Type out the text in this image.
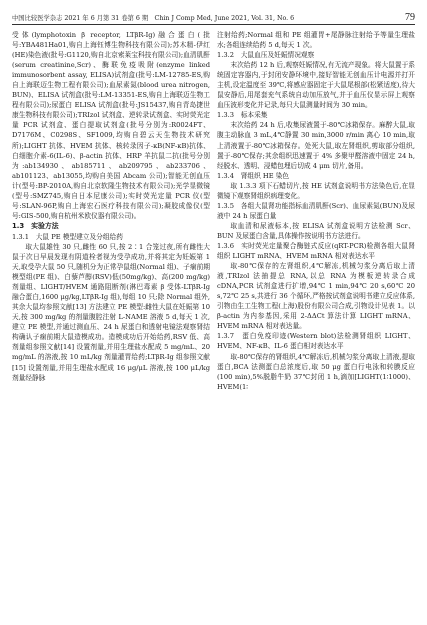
中国比较医学杂志 2021 年 6 月第 31 卷第 6 期　Chin J Comp Med, June 2021, Vol. 31, No. 6	79

受体(lymphotoxin β receptor, LTβR-Ig)融合蛋白(批号:YBA481Ha01,购自上海钰博生物科技有限公司);苏木精-伊红(HE)染色液(批号:G1120,购自北京索莱宝科技有限公司);血清肌酐(serum creatinine,Scr)、酶联免疫吸附(enzyme linked immunosorbent assay, ELISA)试剂盒(批号:LM-12785-ES,购自上海联迈生物工程有限公司);血尿素氮(blood urea nitrogen, BUN)、ELISA 试剂盒(批号:LM-13351-ES,购自上海联迈生物工程有限公司);尿蛋白 ELISA 试剂盒(批号:JS15437,购自青岛捷世康生物科技有限公司);TRIzol 试剂盒、逆转录试剂盒、实时荧光定量 PCR 试剂盒、蛋白提取试剂盒(批号分别为:R0024FT、D7176M、C0298S、SF1009,均购自碧云天生物技术研究所);LIGHT 抗体、HVEM 抗体、核转录因子-κB(NF-κB)抗体、白细胞介素-6(IL-6)、β-actin 抗体、HRP 羊抗鼠二抗(批号分别为:ab134930、ab185711、ab209795、ab233706、ab101123、ab13055,均购自美国 Abcam 公司);智能无创血压计(型号:BP-2010A,购自北京软隆生物技术有限公司);光学显微镜(型号:SMZ745,购自日本尼康公司);实时荧光定量 PCR 仪(型号:SLAN-96P,购自上海宏石医疗科技有限公司);凝胶成像仪(型号:GIS-500,购自杭州米欧仪器有限公司)。

1.3　实验方法
1.3.1　大鼠 PE 模型建立及分组给药

取大鼠雄性 30 只,雌性 60 只,按 2∶1 合笼过夜,所有雌性大鼠于次日早晨发现有阴道栓者视为受孕成功,并将其定为妊娠第 1 天,取受孕大鼠 50 只,随机分为正常孕鼠组(Normal 组)、子痫前期模型组(PE 组)、白藜芦醇(RSV)低(50mg/kg)、高(200 mg/kg)剂量组、LIGHT/HVEM 通路阻断剂(淋巴毒素 β 受体-LTβR-Ig 融合蛋白,1600 μg/kg,LTβR-Ig 组),每组 10 只;除 Normal 组外,其余大鼠均参照文献[13] 方法建立 PE 模型:雌性大鼠在妊娠第 10 天,按 300 mg/kg 的剂量腹腔注射 L-NAME 溶液 5 d,每天 1 次,建立 PE 模型,并通过测血压、24 h 尿蛋白和透射电镜法观察肾结构确认子痫前期大鼠造模成功。造模成功后开始给药,RSV 低、高剂量组参照文献[14] 设置剂量,并用生理盐水配成 5 mg/mL、20 mg/mL 的溶液,按 10 mL/kg 剂量灌胃给药;LTβR-Ig 组参照文献[15] 设置剂量,并用生理盐水配成 16 μg/μL 溶液,按 100 μL/kg 剂量经静脉

注射给药;Normal 组和 PE 组灌胃+尾静脉注射给予等量生理盐水;各组连续给药 5 d,每天 1 次。

1.3.2　大鼠血压及妊娠情况观察

末次给药 12 h 后,观察妊娠情况,有无流产现象。将大鼠置于系统固定容器内,于封闭安静环境中,接好智能无创血压计电源并打开主机,设定温度至 39℃,将感应器固定于大鼠尾根部(松紧适度),待大鼠安静后,用尾套充气系统自动加压放气,并于血压仪显示屏上观察血压波形变化并记录,每只大鼠测量时间为 30 min。

1.3.3　标本采集

末次给药 24 h 后,收集尿液置于-80℃冰箱保存。麻醉大鼠,取腹主动脉血 3 mL,4℃静置 30 min,3000 r/min 离心 10 min,取上清液置于-80℃冰箱保存。处死大鼠,取左肾组织,剪取部分组织,置于-80℃保存;其余组织迅速置于 4% 多聚甲醛溶液中固定 24 h,经脱水、透明、浸蜡包埋后切成 4 μm 切片,备用。

1.3.4　肾组织 HE 染色

取 1.3.3 项下石蜡切片,按 HE 试剂盒说明书方法染色后,在显微镜下观察肾组织病理变化。

1.3.5　各组大鼠肾功能指标血清肌酐(Scr)、血尿素氮(BUN)及尿液中 24 h 尿蛋白量

取血清和尿液标本,按 ELISA 试剂盒说明方法检测 Scr、BUN 及尿蛋白含量,具体操作按说明书方法进行。

1.3.6　实时荧光定量聚合酶链式反应(qRT-PCR)检测各组大鼠肾组织 LIGHT mRNA、HVEM mRNA 相对表达水平

取-80℃保存的左肾组织,4℃解冻,机械匀浆分离后取上清液,TRIzol 法抽提总 RNA,以总 RNA 为模板逆转录合成 cDNA,PCR 试剂盒进行扩增,94℃ 1 min,94℃ 20 s,60℃ 20 s,72℃ 25 s,共进行 36 个循环,严格按试剂盒说明书建立反应体系,引物由生工生物工程(上海)股份有限公司合成,引物设计见表 1。以 β-actin 为内参基因,采用 2-ΔΔCt 算法计算 LIGHT mRNA、HVEM mRNA 相对表达量。

1.3.7　蛋白免疫印迹(Western blot)法检测肾组织 LIGHT、HVEM、NF-κB、IL-6 蛋白相对表达水平

取-80℃保存的肾组织,4℃解冻后,机械匀浆分离取上清液,提取蛋白,BCA 法测蛋白总浓度后,取 50 μg 蛋白行电泳和转膜反应(100 min),5%脱脂牛奶 37℃封闭 1 h,滴加[LIGHT(1∶1000)、HVEM(1∶
